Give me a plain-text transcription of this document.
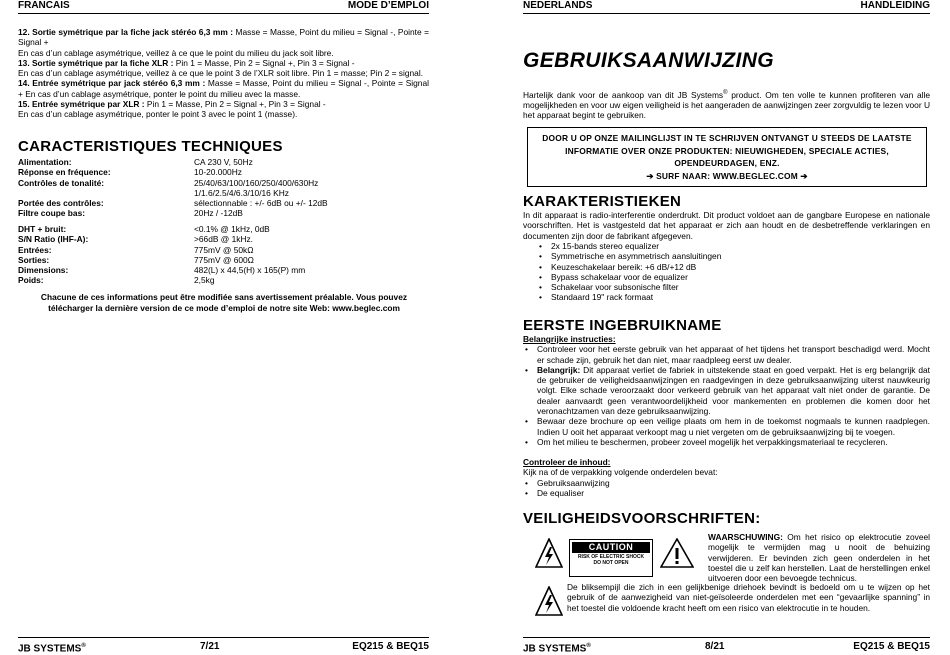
FRANCAIS	MODE D’EMPLOI

12. Sortie symétrique par la fiche jack stéréo 6,3 mm : Masse = Masse, Point du milieu = Signal -, Pointe = Signal +

En cas d’un cablage asymétrique, veillez à ce que le point du milieu du jack soit libre.

13. Sortie symétrique par la fiche XLR : Pin 1 = Masse, Pin 2 = Signal +, Pin 3 = Signal -

En cas d’un cablage asymétrique, veillez à ce que le point 3 de l’XLR soit libre. Pin 1 = masse; Pin 2 = signal.

14. Entrée symétrique par jack stéréo 6,3 mm : Masse = Masse, Point du milieu = Signal -, Pointe = Signal + En cas d’un cablage asymétrique, ponter le point du milieu avec la masse.

15. Entrée symétrique par XLR : Pin 1 = Masse, Pin 2 = Signal +, Pin 3 = Signal -

En cas d’un cablage asymétrique, ponter le point 3 avec le point 1 (masse).

CARACTERISTIQUES TECHNIQUES
Alimentation:	CA 230 V, 50Hz
Réponse en fréquence:	10-20.000Hz
Contrôles de tonalité:	25/40/63/100/160/250/400/630Hz
1/1.6/2.5/4/6.3/10/16 KHz
Portée des contrôles:	sélectionnable : +/- 6dB ou +/- 12dB
Filtre coupe bas:	20Hz / -12dB
DHT + bruit:	<0.1% @ 1kHz, 0dB
S/N Ratio (IHF-A):	>66dB @ 1kHz.
Entrées:	775mV @ 50kΩ
Sorties:	775mV @ 600Ω
Dimensions:	482(L) x 44,5(H) x 165(P) mm
Poids:	2,5kg
Chacune de ces informations peut être modifiée sans avertissement préalable. Vous pouvez télécharger la dernière version de ce mode d’emploi de notre site Web: www.beglec.com
JB SYSTEMS®	7/21	EQ215 & BEQ15
NEDERLANDS	HANDLEIDING
GEBRUIKSAANWIJZING
Hartelijk dank voor de aankoop van dit JB Systems® product. Om ten volle te kunnen profiteren van alle mogelijkheden en voor uw eigen veiligheid is het aangeraden de aanwijzingen zeer zorgvuldig te lezen voor U het apparaat begint te gebruiken.
DOOR U OP ONZE MAILINGLIJST IN TE SCHRIJVEN ONTVANGT U STEEDS DE LAATSTE INFORMATIE OVER ONZE PRODUKTEN: NIEUWIGHEDEN, SPECIALE ACTIES, OPENDEURDAGEN, ENZ.
➔ SURF NAAR: WWW.BEGLEC.COM ➔
KARAKTERISTIEKEN
In dit apparaat is radio-interferentie onderdrukt. Dit product voldoet aan de gangbare Europese en nationale voorschriften. Het is vastgesteld dat het apparaat er zich aan houdt en de desbetreffende verklaringen en documenten zijn door de fabrikant afgegeven.
• 2x 15-bands stereo equalizer
• Symmetrische en asymmetrisch aansluitingen
• Keuzeschakelaar bereik: +6 dB/+12 dB
• Bypass schakelaar voor de equalizer
• Schakelaar voor subsonische filter
• Standaard 19" rack formaat
EERSTE INGEBRUIKNAME

Belangrijke instructies:

• Controleer voor het eerste gebruik van het apparaat of het tijdens het transport beschadigd werd. Mocht er schade zijn, gebruik het dan niet, maar raadpleeg eerst uw dealer.
• Belangrijk: Dit apparaat verliet de fabriek in uitstekende staat en goed verpakt. Het is erg belangrijk dat de gebruiker de veiligheidsaanwijzingen en raadgevingen in deze gebruiksaanwijzing uiterst nauwkeurig volgt. Elke schade veroorzaakt door verkeerd gebruik van het apparaat valt niet onder de garantie. De dealer aanvaardt geen verantwoordelijkheid voor mankementen en problemen die komen door het veronachtzamen van deze gebruiksaanwijzing.
• Bewaar deze brochure op een veilige plaats om hem in de toekomst nogmaals te kunnen raadplegen. Indien U ooit het apparaat verkoopt mag u niet vergeten om de gebruiksaanwijzing bij te voegen.
• Om het milieu te beschermen, probeer zoveel mogelijk het verpakkingsmateriaal te recycleren.

Controleer de inhoud:

Kijk na of de verpakking volgende onderdelen bevat:

• Gebruiksaanwijzing
• De equaliser
VEILIGHEIDSVOORSCHRIFTEN:
CAUTION
RISK OF ELECTRIC SHOCK
DO NOT OPEN
WAARSCHUWING: Om het risico op elektrocutie zoveel mogelijk te vermijden mag u nooit de behuizing verwijderen. Er bevinden zich geen onderdelen in het toestel die u zelf kan herstellen. Laat de herstellingen enkel uitvoeren door een bevoegde technicus.
De bliksempijl die zich in een gelijkbenige driehoek bevindt is bedoeld om u te wijzen op het gebruik of de aanwezigheid van niet-geïsoleerde onderdelen met een “gevaarlijke spanning” in het toestel die voldoende kracht heeft om een risico van elektrocutie in te houden.
JB SYSTEMS®	8/21	EQ215 & BEQ15
